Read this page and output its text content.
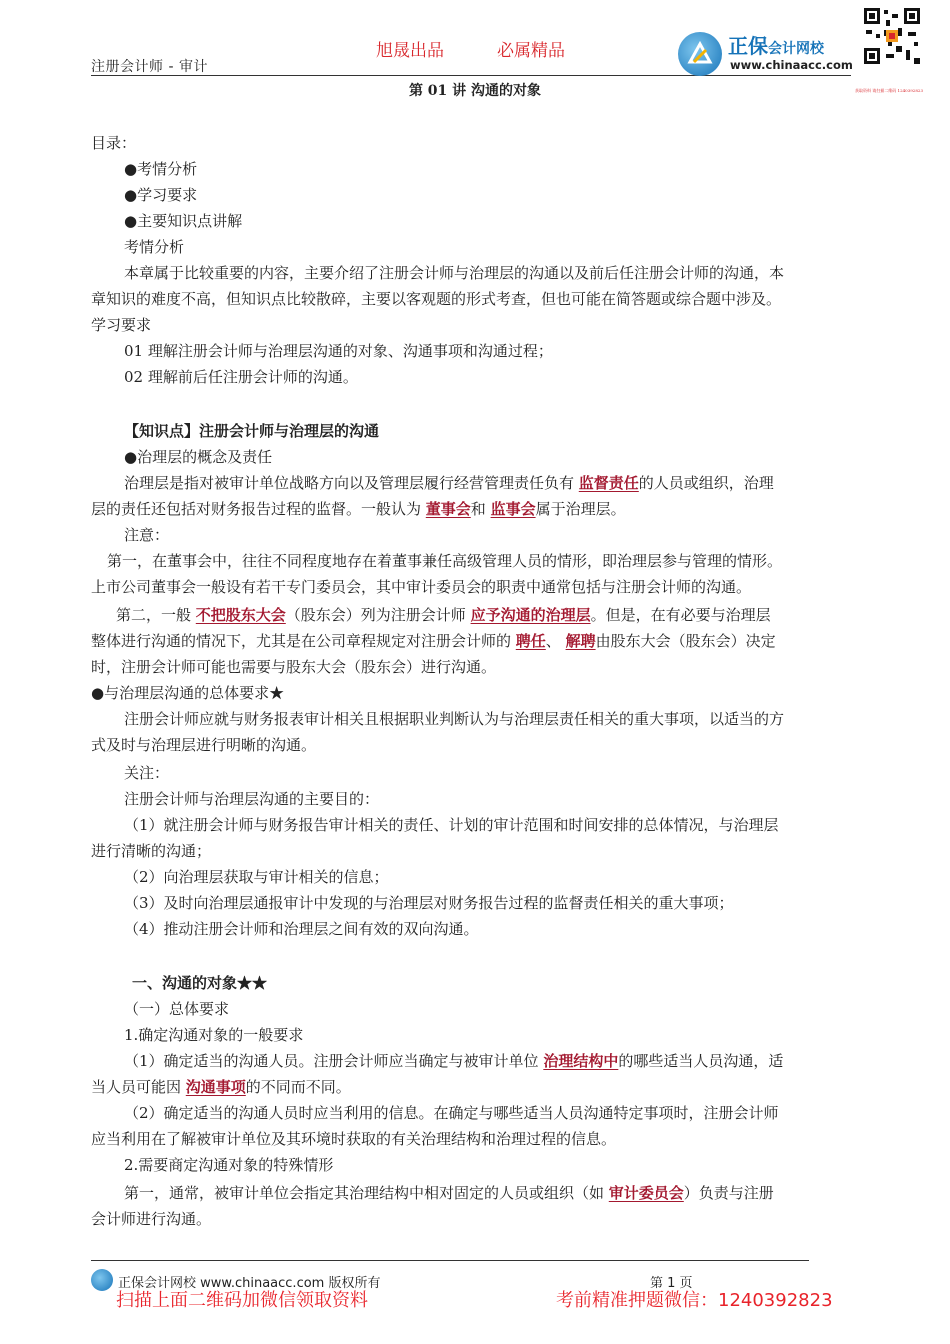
注册会计师 - 审计
旭晟出品	必属精品	正保会计网校
www.chinaacc.com
获取资料 请扫描二维码 1240392823
第 01 讲 沟通的对象
目录：
●考情分析
●学习要求
●主要知识点讲解
考情分析
本章属于比较重要的内容，主要介绍了注册会计师与治理层的沟通以及前后任注册会计师的沟通，本
章知识的难度不高，但知识点比较散碎，主要以客观题的形式考查，但也可能在简答题或综合题中涉及。
学习要求
01 理解注册会计师与治理层沟通的对象、沟通事项和沟通过程；
02 理解前后任注册会计师的沟通。
【知识点】注册会计师与治理层的沟通
●治理层的概念及责任
治理层是指对被审计单位战略方向以及管理层履行经营管理责任负有 监督责任的人员或组织，治理
层的责任还包括对财务报告过程的监督。一般认为 董事会和 监事会属于治理层。
注意：
第一，在董事会中，往往不同程度地存在着董事兼任高级管理人员的情形，即治理层参与管理的情形。
上市公司董事会一般设有若干专门委员会，其中审计委员会的职责中通常包括与注册会计师的沟通。
第二，一般 不把股东大会（股东会）列为注册会计师 应予沟通的治理层。但是，在有必要与治理层
整体进行沟通的情况下，尤其是在公司章程规定对注册会计师的 聘任、 解聘由股东大会（股东会）决定
时，注册会计师可能也需要与股东大会（股东会）进行沟通。
●与治理层沟通的总体要求★
注册会计师应就与财务报表审计相关且根据职业判断认为与治理层责任相关的重大事项，以适当的方
式及时与治理层进行明晰的沟通。
关注：
注册会计师与治理层沟通的主要目的：
（1）就注册会计师与财务报告审计相关的责任、计划的审计范围和时间安排的总体情况，与治理层
进行清晰的沟通；
（2）向治理层获取与审计相关的信息；
（3）及时向治理层通报审计中发现的与治理层对财务报告过程的监督责任相关的重大事项；
（4）推动注册会计师和治理层之间有效的双向沟通。
一、沟通的对象★★
（一）总体要求
1.确定沟通对象的一般要求
（1）确定适当的沟通人员。注册会计师应当确定与被审计单位 治理结构中的哪些适当人员沟通，适
当人员可能因 沟通事项的不同而不同。
（2）确定适当的沟通人员时应当利用的信息。在确定与哪些适当人员沟通特定事项时，注册会计师
应当利用在了解被审计单位及其环境时获取的有关治理结构和治理过程的信息。
2.需要商定沟通对象的特殊情形
第一，通常，被审计单位会指定其治理结构中相对固定的人员或组织（如 审计委员会）负责与注册
会计师进行沟通。
正保会计网校 www.chinaacc.com 版权所有	第 1 页
扫描上面二维码加微信领取资料	考前精准押题微信：1240392823
